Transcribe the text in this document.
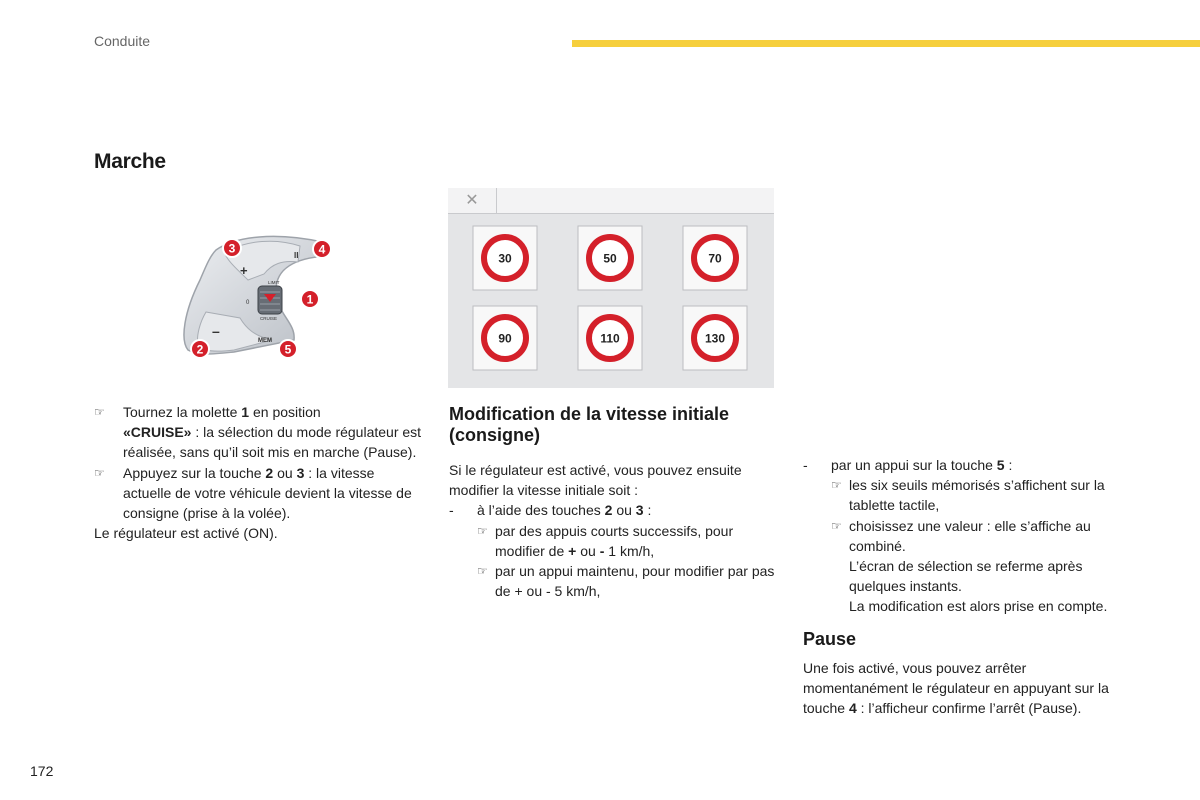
Conduite
Marche
+
II
0
LIMIT
CRUISE
–
MEM
3	4
1
2	5
✕
30	50	70
90	110	130
☞ Tournez la molette 1 en position
«CRUISE» : la sélection du mode régulateur est réalisée, sans qu’il soit mis en marche (Pause).
☞ Appuyez sur la touche 2 ou 3 : la vitesse actuelle de votre véhicule devient la vitesse de consigne (prise à la volée).

Le régulateur est activé (ON).

Modification de la vitesse initiale
(consigne)

Si le régulateur est activé, vous pouvez ensuite modifier la vitesse initiale soit :

- à l’aide des touches 2 ou 3 :
☞ par des appuis courts successifs, pour modifier de + ou - 1 km/h,
☞ par un appui maintenu, pour modifier par pas de + ou - 5 km/h,
- par un appui sur la touche 5 :
☞ les six seuils mémorisés s’affichent sur la tablette tactile,
☞ choisissez une valeur : elle s’affiche au combiné.

L’écran de sélection se referme après quelques instants.

La modification est alors prise en compte.

Pause

Une fois activé, vous pouvez arrêter momentanément le régulateur en appuyant sur la touche 4 : l’afficheur confirme l’arrêt (Pause).

172
